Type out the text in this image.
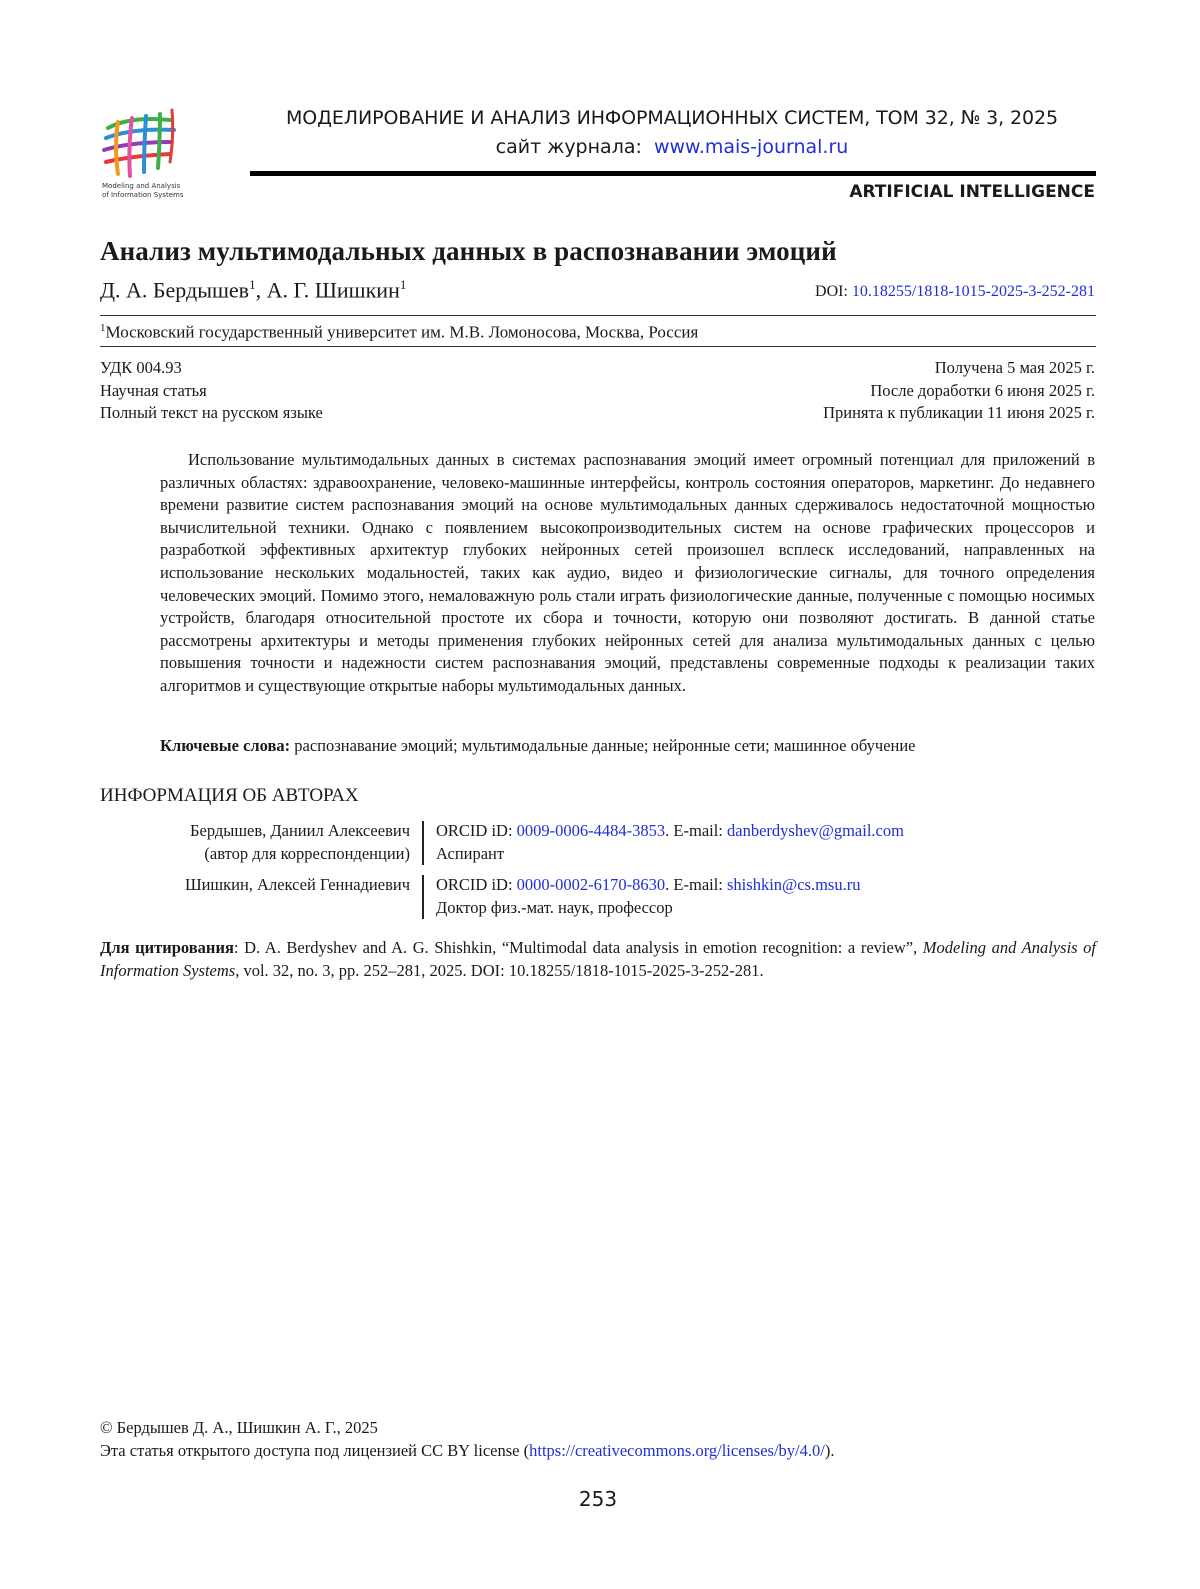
Modeling and Analysis
of Information Systems
МОДЕЛИРОВАНИЕ И АНАЛИЗ ИНФОРМАЦИОННЫХ СИСТЕМ, ТОМ 32, № 3, 2025
сайт журнала: www.mais-journal.ru
ARTIFICIAL INTELLIGENCE
Анализ мультимодальных данных в распознавании эмоций
Д. А. Бердышев$^1$, А. Г. Шишкин$^1$	DOI: 10.18255/1818-1015-2025-3-252-281
$^1$Московский государственный университет им. М.В. Ломоносова, Москва, Россия
УДК 004.93
Научная статья
Полный текст на русском языке
Получена 5 мая 2025 г.
После доработки 6 июня 2025 г.
Принята к публикации 11 июня 2025 г.

Использование мультимодальных данных в системах распознавания эмоций имеет огромный потенциал для приложений в различных областях: здравоохранение, человеко-машинные интерфейсы, контроль состояния операторов, маркетинг. До недавнего времени развитие систем распознавания эмоций на основе мультимодальных данных сдерживалось недостаточной мощностью вычислительной техники. Однако с появлением высокопроизводительных систем на основе графических процессоров и разработкой эффективных архитектур глубоких нейронных сетей произошел всплеск исследований, направленных на использование нескольких модальностей, таких как аудио, видео и физиологические сигналы, для точного определения человеческих эмоций. Помимо этого, немаловажную роль стали играть физиологические данные, полученные с помощью носимых устройств, благодаря относительной простоте их сбора и точности, которую они позволяют достигать. В данной статье рассмотрены архитектуры и методы применения глубоких нейронных сетей для анализа мультимодальных данных с целью повышения точности и надежности систем распознавания эмоций, представлены современные подходы к реализации таких алгоритмов и существующие открытые наборы мультимодальных данных.

Ключевые слова: распознавание эмоций; мультимодальные данные; нейронные сети; машинное обучение
ИНФОРМАЦИЯ ОБ АВТОРАХ
Бердышев, Даниил Алексеевич
(автор для корреспонденции)
ORCID iD: 0009-0006-4484-3853. E-mail: danberdyshev@gmail.com
Аспирант
Шишкин, Алексей Геннадиевич ORCID iD: 0000-0002-6170-8630. E-mail: shishkin@cs.msu.ru
Доктор физ.-мат. наук, профессор

Для цитирования: D. A. Berdyshev and A. G. Shishkin, “Multimodal data analysis in emotion recognition: a review”, Modeling and Analysis of Information Systems, vol. 32, no. 3, pp. 252–281, 2025. DOI: 10.18255/1818-1015-2025-3-252-281.

© Бердышев Д. А., Шишкин А. Г., 2025
Эта статья открытого доступа под лицензией CC BY license (https://creativecommons.org/licenses/by/4.0/).
253
